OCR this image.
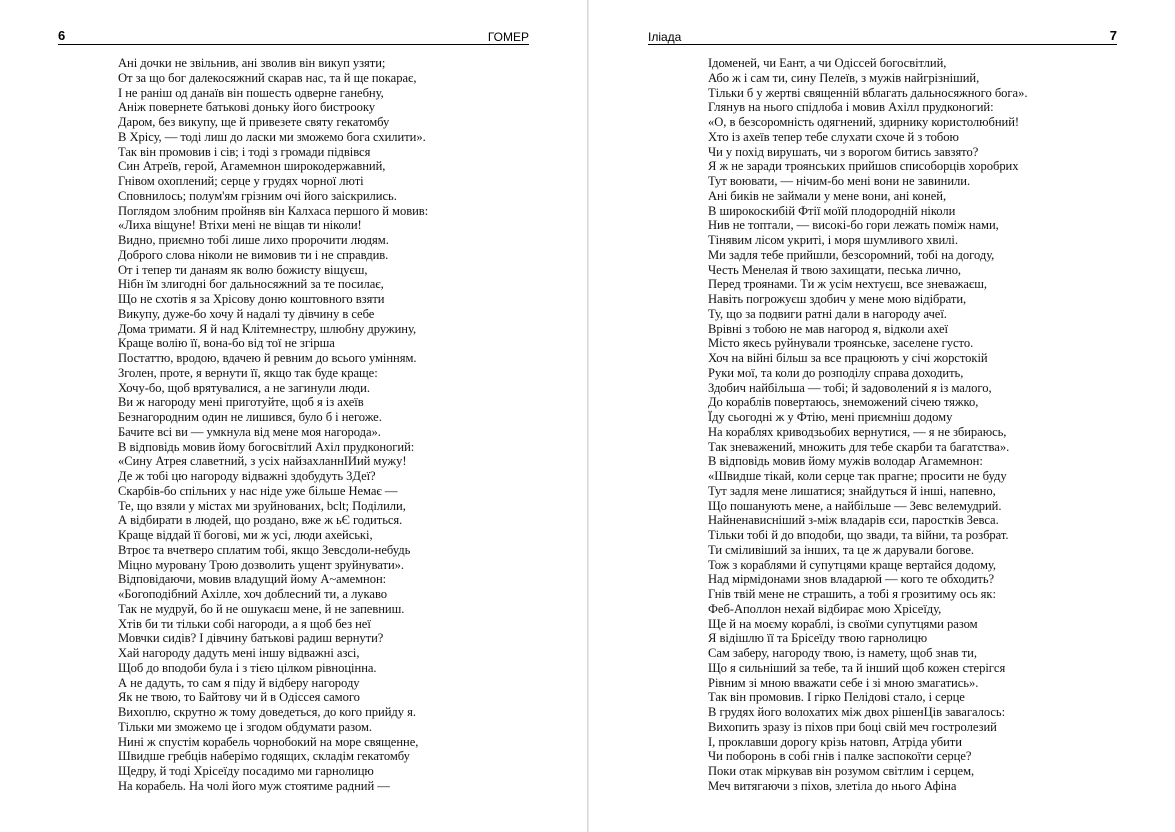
6	ГОМЕР
Ані дочки не звільнив, ані зволив він викуп узяти;
От за що бог далекосяжний скарав нас, та й ще покарає,
І не раніш од данаїв він пошесть одверне ганебну,
Аніж повернете батькові доньку його бистрооку
Даром, без викупу, ще й привезете святу гекатомбу
В Хрісу, — тоді лиш до ласки ми зможемо бога схилити».
Так він промовив і сів; і тоді з громади підвівся
Син Атреїв, герой, Агамемнон широкодержавний,
Гнівом охоплений; серце у грудях чорної люті
Сповнилось; полум'ям грізним очі його заіскрились.
Поглядом злобним пройняв він Калхаса першого й мовив:
«Лиха віщуне! Втіхи мені не віщав ти ніколи!
Видно, приємно тобі лише лихо пророчити людям.
Доброго слова ніколи не вимовив ти і не справдив.
От і тепер ти данаям як волю божисту віщуєш,
Нібн їм злигодні бог дальносяжний за те посилає,
Що не схотів я за Хрісову доню коштовного взяти
Викупу, дуже-бо хочу й надалі ту дівчину в себе
Дома тримати. Я й над Клітемнестру, шлюбну дружину,
Краще волію її, вона-бо від тої не згірша
Постаттю, вродою, вдачею й ревним до всього умінням.
Зголен, проте, я вернути її, якщо так буде краще:
Хочу-бо, щоб врятувалися, а не загинули люди.
Ви ж нагороду мені приготуйте, щоб я із ахеїв
Безнагородним один не лишився, було б і негоже.
Бачите всі ви — умкнула від мене моя нагорода».
В відповідь мовив йому богосвітлий Ахіл прудконогий:
«Сину Атрея славетний, з усіх найзахланнІИий мужу!
Де ж тобі цю нагороду відважні здобудуть 3Деї?
Скарбів-бо спільних у нас ніде уже більше Немає —
Те, що взяли у містах ми зруйнованих, bclt; Поділили,
А відбирати в людей, що роздано, вже ж ьЄ годиться.
Краще віддай її богові, ми ж усі, люди ахейські,
Втроє та вчетверо сплатим тобі, якщо Зевсдоли-небудь
Міцно муровану Трою дозволить ущент зруйнувати».
Відповідаючи, мовив владущий йому А~амемнон:
«Богоподібний Ахілле, хоч доблесний ти, а лукаво
Так не мудруй, бо й не ошукаєш мене, й не запевниш.
Хтів би ти тільки собі нагороди, а я щоб без неї
Мовчки сидів? І дівчину батькові радиш вернути?
Хай нагороду дадуть мені іншу відважні азсі,
Щоб до вподоби була і з тією цілком рівноцінна.
А не дадуть, то сам я піду й відберу нагороду
Як не твою, то Байтову чи й в Одіссея самого
Вихоплю, скрутно ж тому доведеться, до кого прийду я.
Тільки ми зможемо це і згодом обдумати разом.
Нині ж спустім корабель чорнобокий на море священне,
Швидше гребців наберімо годящих, складім гекатомбу
Щедру, й тоді Хрісеїду посадимо ми гарнолицю
На корабель. На чолі його муж стоятиме радний —
Іліада	7
Ідоменей, чи Еант, а чи Одіссей богосвітлий,
Або ж і сам ти, сину Пелеїв, з мужів найгрізніший,
Тільки б у жертві священній вблагать дальносяжного бога».
Глянув на нього спідлоба і мовив Ахілл прудконогий:
«О, в безсоромність одягнений, здирнику користолюбний!
Хто із ахеїв тепер тебе слухати схоче й з тобою
Чи у похід вирушать, чи з ворогом битись завзято?
Я ж не заради троянських прийшов списоборців хоробрих
Тут воювати, — нічим-бо мені вони не завинили.
Ані биків не займали у мене вони, ані коней,
В широкоскибій Фтії моїй плодородній ніколи
Нив не топтали, — високі-бо гори лежать поміж нами,
Тінявим лісом укриті, і моря шумливого хвилі.
Ми задля тебе прийшли, безсоромний, тобі на догоду,
Честь Менелая й твою захищати, песька лично,
Перед троянами. Ти ж усім нехтуєш, все зневажаєш,
Навіть погрожуєш здобич у мене мою відібрати,
Ту, що за подвиги ратні дали в нагороду ачеї.
Врівні з тобою не мав нагород я, відколи ахеї
Місто якесь руйнували троянське, заселене густо.
Хоч на війні більш за все працюють у січі жорстокій
Руки мої, та коли до розподілу справа доходить,
Здобич найбільша — тобі; й задоволений я із малого,
До кораблів повертаюсь, знеможений січею тяжко,
Їду сьогодні ж у Фтію, мені приємніш додому
На кораблях криводзьобих вернутися, — я не збираюсь,
Так зневажений, множить для тебе скарби та багатства».
В відповідь мовив йому мужів володар Агамемнон:
«Швидше тікай, коли серце так прагне; просити не буду
Тут задля мене лишатися; знайдуться й інші, напевно,
Що пошанують мене, а найбільше — Зевс велемудрий.
Найненависніший з-між владарів єси, паростків Зевса.
Тільки тобі й до вподоби, що звади, та війни, та розбрат.
Ти сміливіший за інших, та це ж дарували богове.
Тож з кораблями й супутцями краще вертайся додому,
Над мірмідонами знов владарюй — кого те обходить?
Гнів твій мене не страшить, а тобі я грозитиму ось як:
Феб-Аполлон нехай відбирає мою Хрісеїду,
Ще й на моєму кораблі, із своїми супутцями разом
Я відішлю її та Брісеїду твою гарнолицю
Сам заберу, нагороду твою, із намету, щоб знав ти,
Що я сильніший за тебе, та й інший щоб кожен стерігся
Рівним зі мною вважати себе і зі мною змагатись».
Так він промовив. І гірко Пелідові стало, і серце
В грудях його волохатих між двох рішенЦів завагалось:
Вихопить зразу із піхов при боці свій меч гостролезий
І, проклавши дорогу крізь натовп, Атріда убити
Чи поборонь в собі гнів і палке заспокоїти серце?
Поки отак міркував він розумом світлим і серцем,
Меч витягаючи з піхов, злетіла до нього Афіна
